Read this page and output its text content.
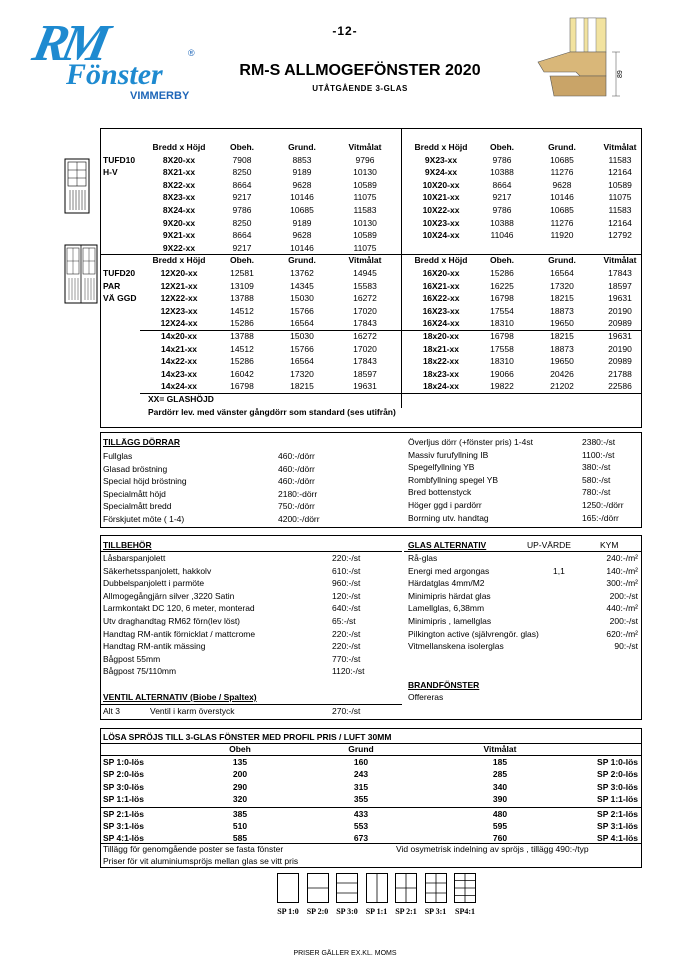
-12-
RM	®
Fönster
VIMMERBY
RM-S ALLMOGEFÖNSTER 2020
UTÅTGÅENDE 3-GLAS
89
Bredd x Höjd	Obeh.	Grund.	Vitmålat	Bredd x Höjd	Obeh.	Grund.	Vitmålat
TUFD10
H-V
8X20-xx	7908	8853	9796	9X23-xx	9786	10685	11583
8X21-xx	8250	9189	10130	9X24-xx	10388	11276	12164
8X22-xx	8664	9628	10589	10X20-xx	8664	9628	10589
8X23-xx	9217	10146	11075	10X21-xx	9217	10146	11075
8X24-xx	9786	10685	11583	10X22-xx	9786	10685	11583
9X20-xx	8250	9189	10130	10X23-xx	10388	11276	12164
9X21-xx	8664	9628	10589	10X24-xx	11046	11920	12792
9X22-xx	9217	10146	11075
Bredd x Höjd	Obeh.	Grund.	Vitmålat	Bredd x Höjd	Obeh.	Grund.	Vitmålat
TUFD20
PAR
VÄ GGD
12X20-xx	12581	13762	14945	16X20-xx	15286	16564	17843
12X21-xx	13109	14345	15583	16X21-xx	16225	17320	18597
12X22-xx	13788	15030	16272	16X22-xx	16798	18215	19631
12X23-xx	14512	15766	17020	16X23-xx	17554	18873	20190
12X24-xx	15286	16564	17843	16X24-xx	18310	19650	20989
14x20-xx	13788	15030	16272	18x20-xx	16798	18215	19631
14x21-xx	14512	15766	17020	18x21-xx	17558	18873	20190
14x22-xx	15286	16564	17843	18x22-xx	18310	19650	20989
14x23-xx	16042	17320	18597	18x23-xx	19066	20426	21788
14x24-xx	16798	18215	19631	18x24-xx	19822	21202	22586
XX= GLASHÖJD
Pardörr lev. med vänster gångdörr som standard (ses utifrån)
TILLÄGG DÖRRAR
Fullglas	460:-/dörr
Glasad bröstning	460:-/dörr
Special höjd bröstning	460:-/dörr
Specialmått höjd	2180:-dörr
Specialmått bredd	750:-/dörr
Förskjutet möte ( 1-4)	4200:-/dörr
Överljus dörr (+fönster pris) 1-4st	2380:-/st
Massiv furufyllning IB	1100:-/st
Spegelfyllning YB	380:-/st
Rombfyllning spegel YB	580:-/st
Bred bottenstyck	780:-/st
Höger ggd i pardörr	1250:-/dörr
Borrning utv. handtag	165:-/dörr
TILLBEHÖR	GLAS ALTERNATIV	UP-VÄRDE	KYM
Låsbarspanjolett	220:-/st
Säkerhetsspanjolett, hakkolv	610:-/st
Dubbelspanjolett i parmöte	960:-/st
Allmogegångjärn silver ,3220 Satin	120:-/st
Larmkontakt DC 120, 6 meter, monterad	640:-/st
Utv draghandtag RM62 förn(lev löst)	65:-/st
Handtag RM-antik förnicklat / mattcrome	220:-/st
Handtag RM-antik mässing	220:-/st
Bågpost 55mm	770:-/st
Bågpost 75/110mm	1120:-/st
Rå-glas	240:-/m²
Energi med argongas	1,1	140:-/m²
Härdatglas 4mm/M2	300:-/m²
Minimipris härdat glas	200:-/st
Lamellglas, 6,38mm	440:-/m²
Minimipris , lamellglas	200:-/st
Pilkington active (självrengör. glas)	620:-/m²
Vitmellanskena isolerglas	90:-/st
BRANDFÖNSTER
Offereras
VENTIL ALTERNATIV (Biobe / Spaltex)
Alt 3	Ventil i karm överstyck	270:-/st
LÖSA SPRÖJS TILL 3-GLAS FÖNSTER MED PROFIL PRIS / LUFT 30MM
Obeh	Grund	Vitmålat
SP 1:0-lös	135	160	185	SP 1:0-lös
SP 2:0-lös	200	243	285	SP 2:0-lös
SP 3:0-lös	290	315	340	SP 3:0-lös
SP 1:1-lös	320	355	390	SP 1:1-lös
SP 2:1-lös	385	433	480	SP 2:1-lös
SP 3:1-lös	510	553	595	SP 3:1-lös
SP 4:1-lös	585	673	760	SP 4:1-lös
Tillägg för genomgående poster se fasta fönster	Vid osymetrisk indelning av spröjs , tillägg 490:-/typ
Priser för vit aluminiumspröjs mellan glas se vitt pris
SP 1:0 SP 2:0 SP 3:0 SP 1:1 SP 2:1 SP 3:1	SP4:1
PRISER GÄLLER EX.KL. MOMS
